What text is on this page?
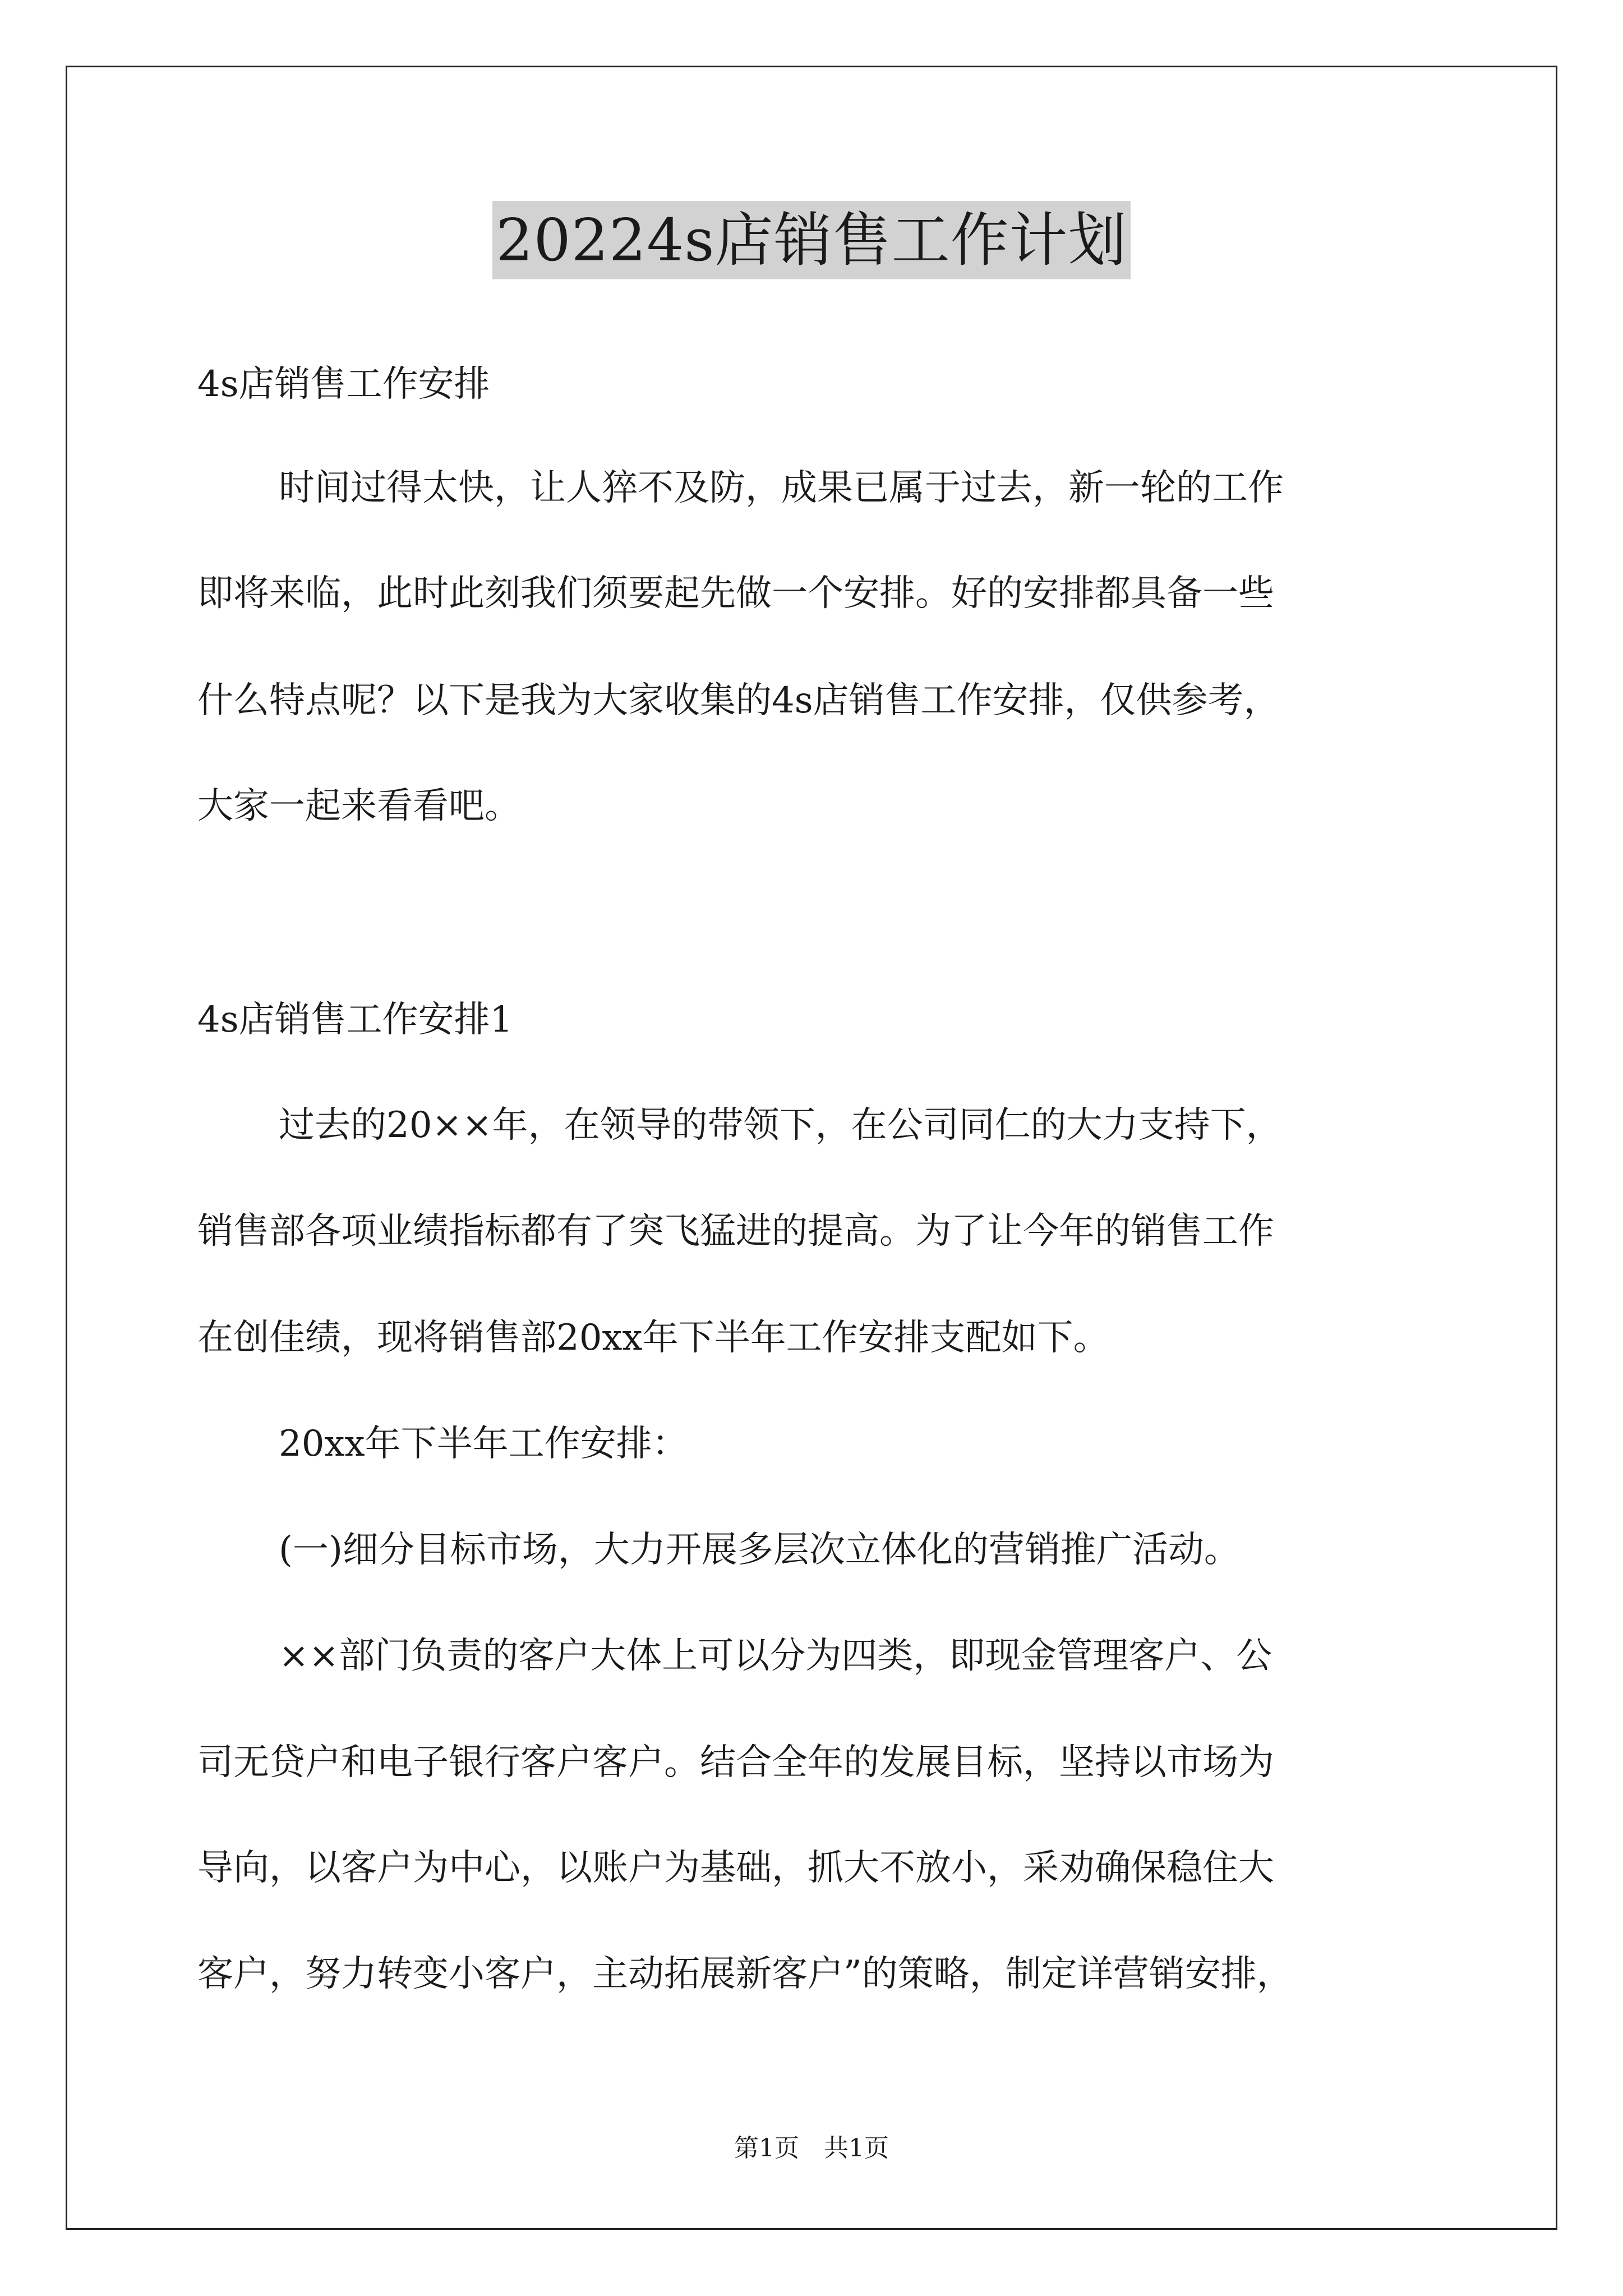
20224s店销售工作计划
4s店销售工作安排
时间过得太快，让人猝不及防，成果已属于过去，新一轮的工作
即将来临，此时此刻我们须要起先做一个安排。好的安排都具备一些
什么特点呢？以下是我为大家收集的4s店销售工作安排，仅供参考，
大家一起来看看吧。
4s店销售工作安排1
过去的20××年，在领导的带领下，在公司同仁的大力支持下，
销售部各项业绩指标都有了突飞猛进的提高。为了让今年的销售工作
在创佳绩，现将销售部20xx年下半年工作安排支配如下。
20xx年下半年工作安排：
(一)细分目标市场，大力开展多层次立体化的营销推广活动。
××部门负责的客户大体上可以分为四类，即现金管理客户、公
司无贷户和电子银行客户客户。结合全年的发展目标，坚持以市场为
导向，以客户为中心，以账户为基础，抓大不放小，采劝确保稳住大
客户，努力转变小客户，主动拓展新客户”的策略，制定详营销安排，
第1页　共1页
